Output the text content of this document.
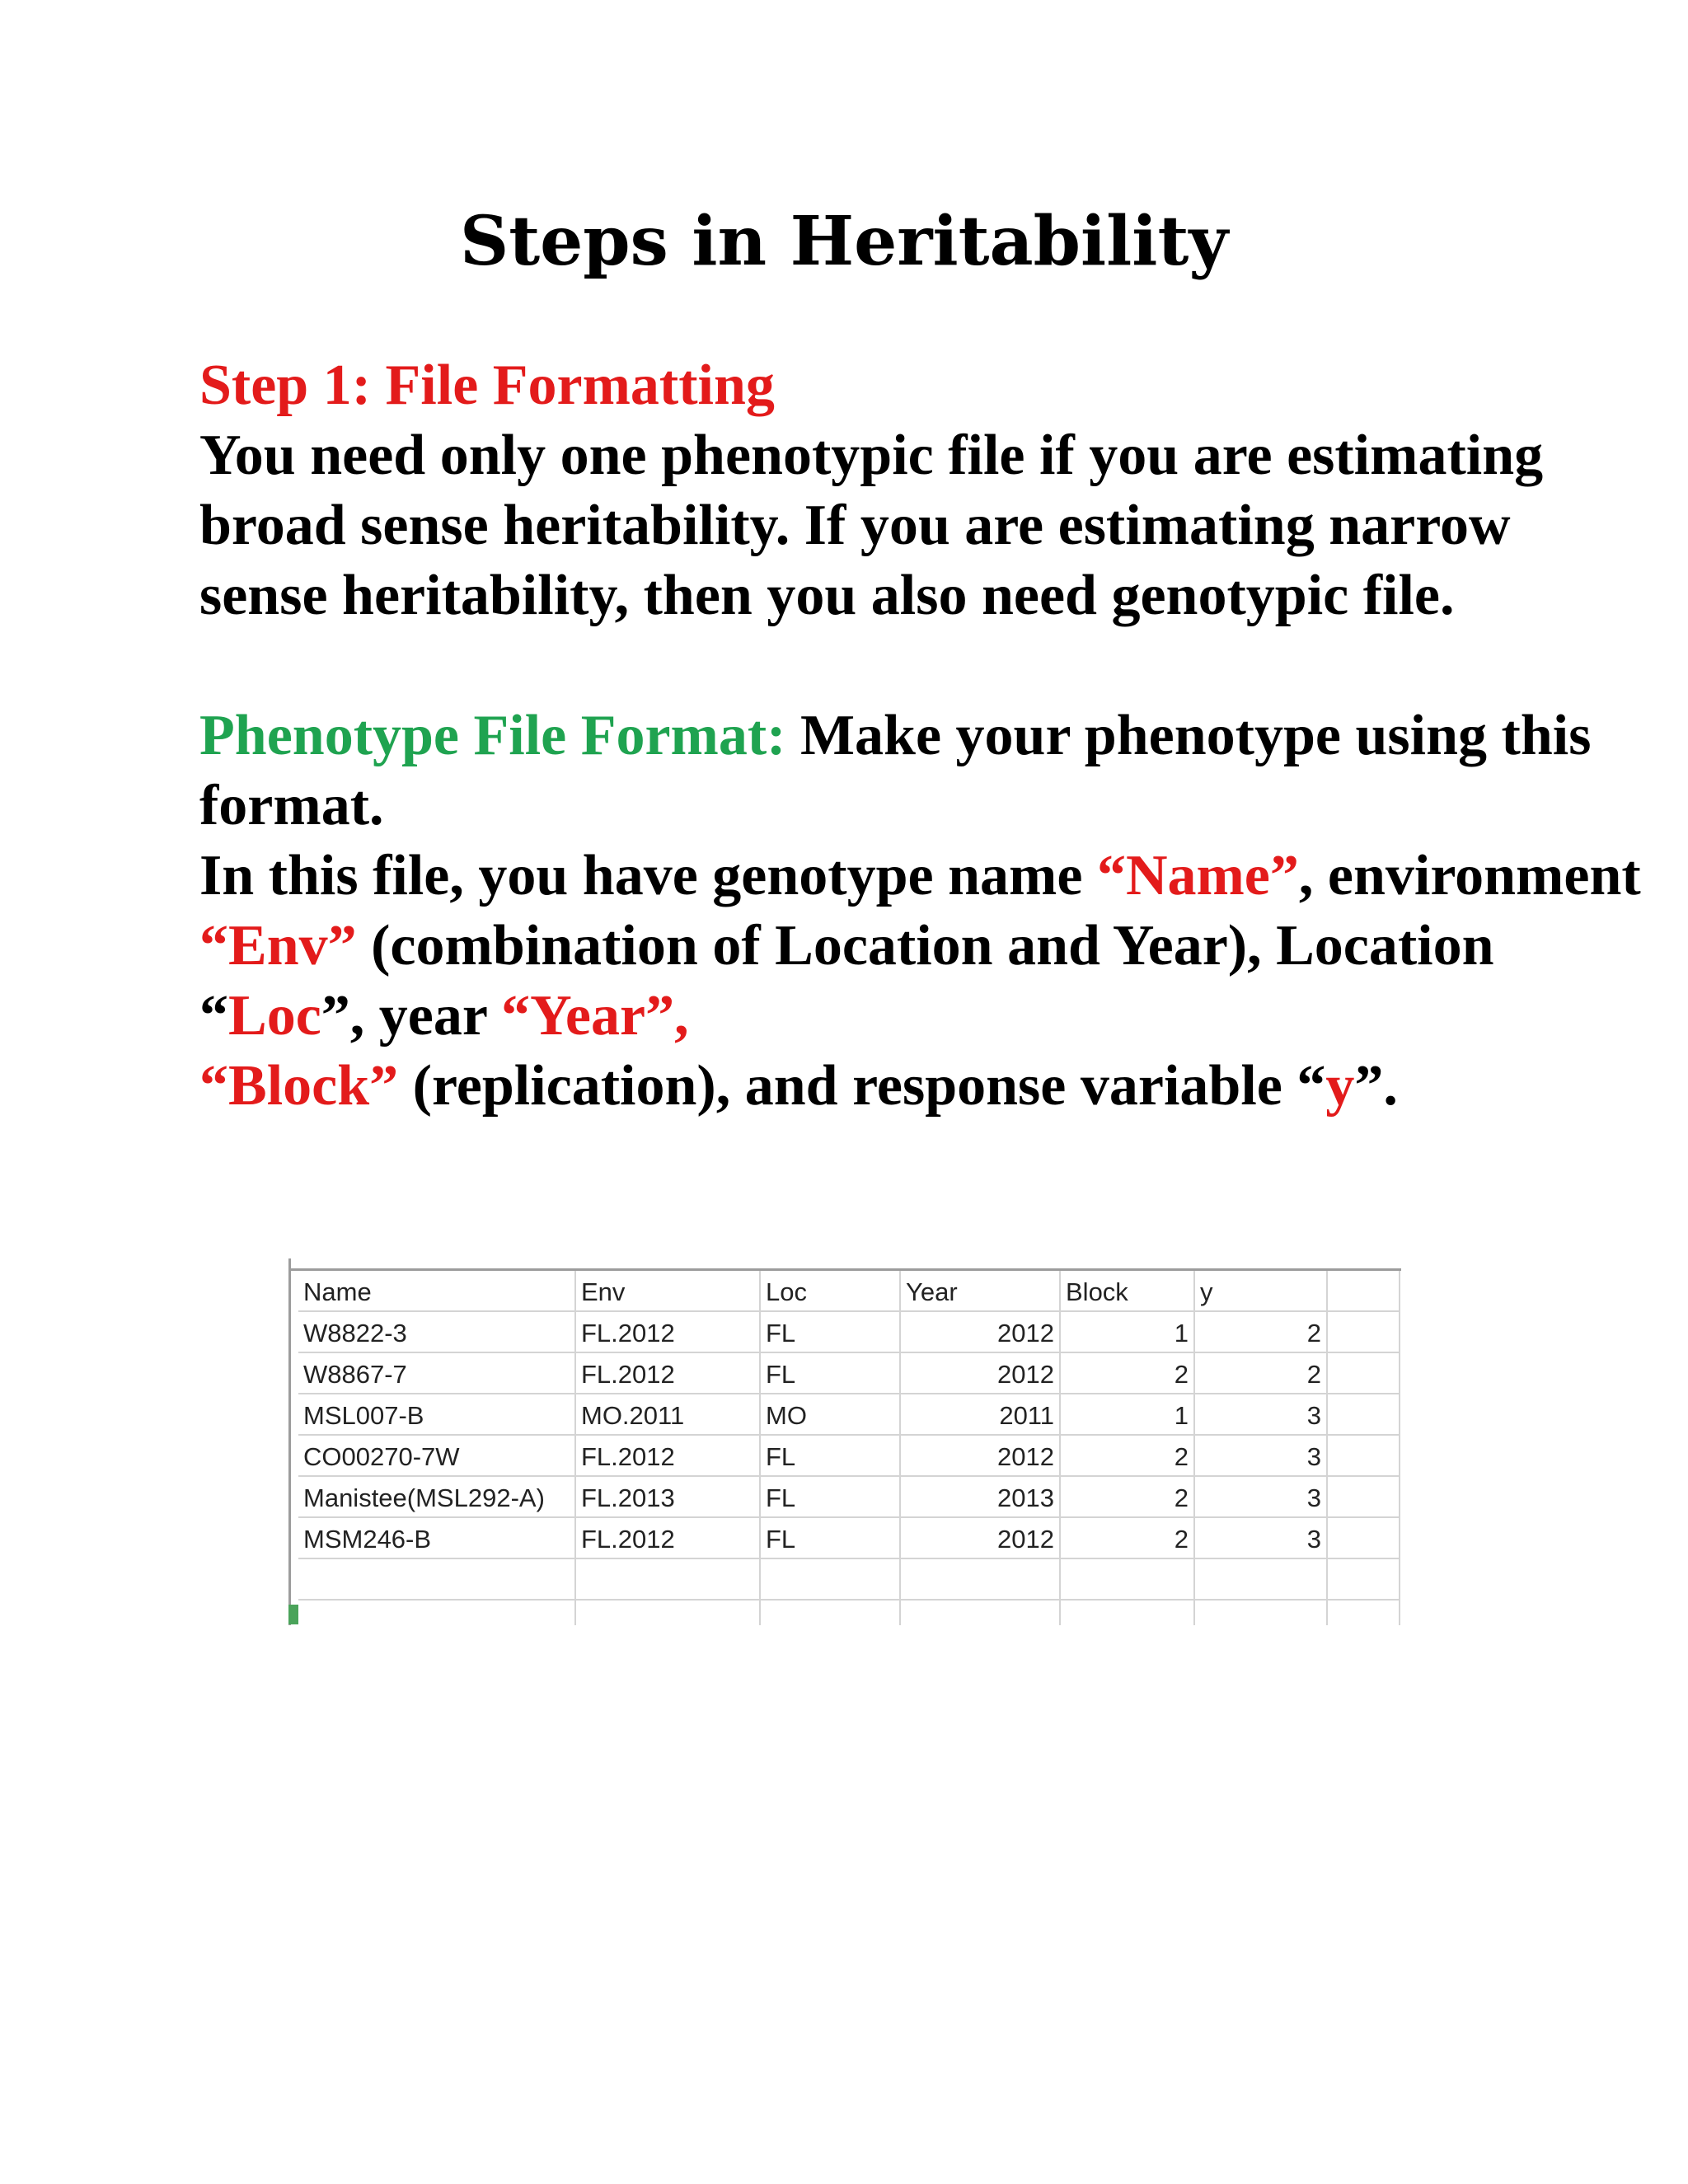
Steps in Heritability

Step 1: File Formatting

You need only one phenotypic file if you are estimating broad sense heritability. If you are estimating narrow sense heritability, then you also need genotypic file.

Phenotype File Format: Make your phenotype using this format.

In this file, you have genotype name “Name”, environment “Env” (combination of Location and Year), Location “Loc”, year “Year”,
“Block” (replication), and response variable “y”.

Name	Env	Loc	Year	Block	y	
W8822-3	FL.2012	FL	2012	1	2	
W8867-7	FL.2012	FL	2012	2	2	
MSL007-B	MO.2011	MO	2011	1	3	
CO00270-7W	FL.2012	FL	2012	2	3	
Manistee(MSL292-A)	FL.2013	FL	2013	2	3	
MSM246-B	FL.2012	FL	2012	2	3	
